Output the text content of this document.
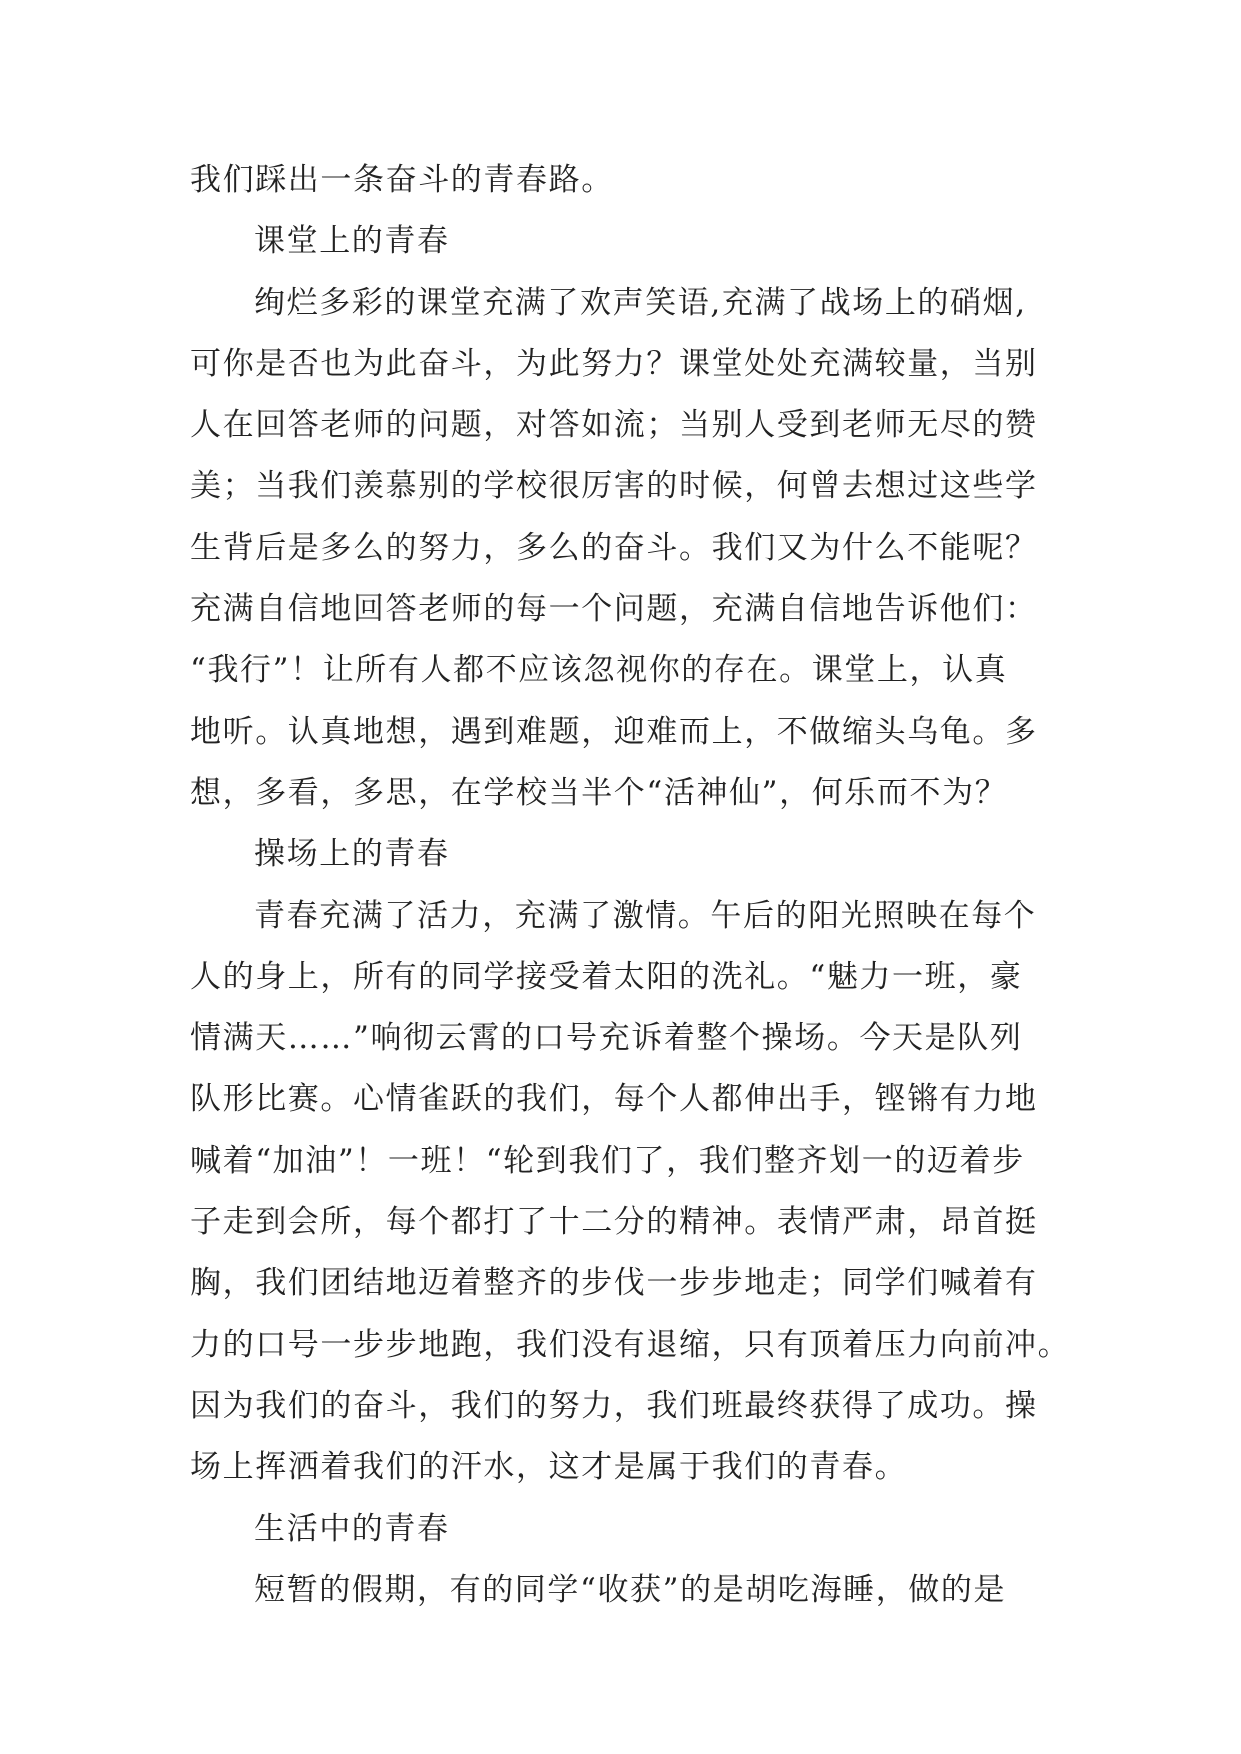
我们踩出一条奋斗的青春路。
课堂上的青春
绚烂多彩的课堂充满了欢声笑语,充满了战场上的硝烟,
可你是否也为此奋斗，为此努力？课堂处处充满较量，当别
人在回答老师的问题，对答如流；当别人受到老师无尽的赞
美；当我们羡慕别的学校很厉害的时候，何曾去想过这些学
生背后是多么的努力，多么的奋斗。我们又为什么不能呢？
充满自信地回答老师的每一个问题，充满自信地告诉他们：
“我行”！让所有人都不应该忽视你的存在。课堂上，认真
地听。认真地想，遇到难题，迎难而上，不做缩头乌龟。多
想，多看，多思，在学校当半个“活神仙”，何乐而不为？
操场上的青春
青春充满了活力，充满了激情。午后的阳光照映在每个
人的身上，所有的同学接受着太阳的洗礼。“魅力一班，豪
情满天……”响彻云霄的口号充诉着整个操场。今天是队列
队形比赛。心情雀跃的我们，每个人都伸出手，铿锵有力地
喊着“加油”！一班！“轮到我们了，我们整齐划一的迈着步
子走到会所，每个都打了十二分的精神。表情严肃，昂首挺
胸，我们团结地迈着整齐的步伐一步步地走；同学们喊着有
力的口号一步步地跑，我们没有退缩，只有顶着压力向前冲。
因为我们的奋斗，我们的努力，我们班最终获得了成功。操
场上挥洒着我们的汗水，这才是属于我们的青春。
生活中的青春
短暂的假期，有的同学“收获”的是胡吃海睡，做的是
